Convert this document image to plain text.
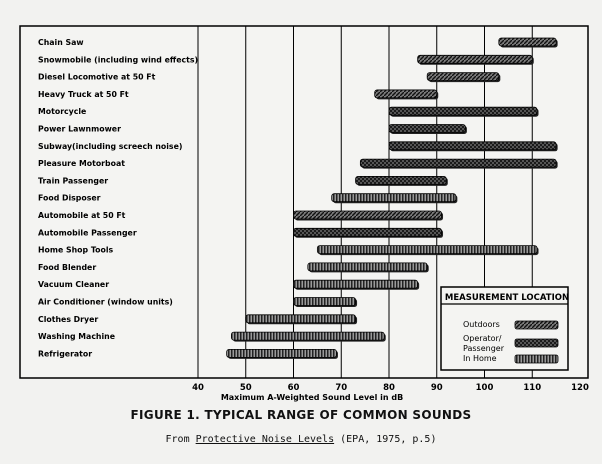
Chain Saw
Snowmobile (including wind effects)
Diesel Locomotive at 50 Ft
Heavy Truck at 50 Ft
Motorcycle
Power Lawnmower
Subway(including screech noise)
Pleasure Motorboat
Train Passenger
Food Disposer
Automobile at 50 Ft
Automobile Passenger
Home Shop Tools
Food Blender
Vacuum Cleaner
Air Conditioner (window units)
Clothes Dryer
Washing Machine
Refrigerator
MEASUREMENT LOCATION
Outdoors
Operator/ Passenger
In Home
40	50	60	70	80	90	100	110	120
Maximum A-Weighted Sound Level in dB
FIGURE 1. TYPICAL RANGE OF COMMON SOUNDS
From Protective Noise Levels (EPA, 1975, p.5)
